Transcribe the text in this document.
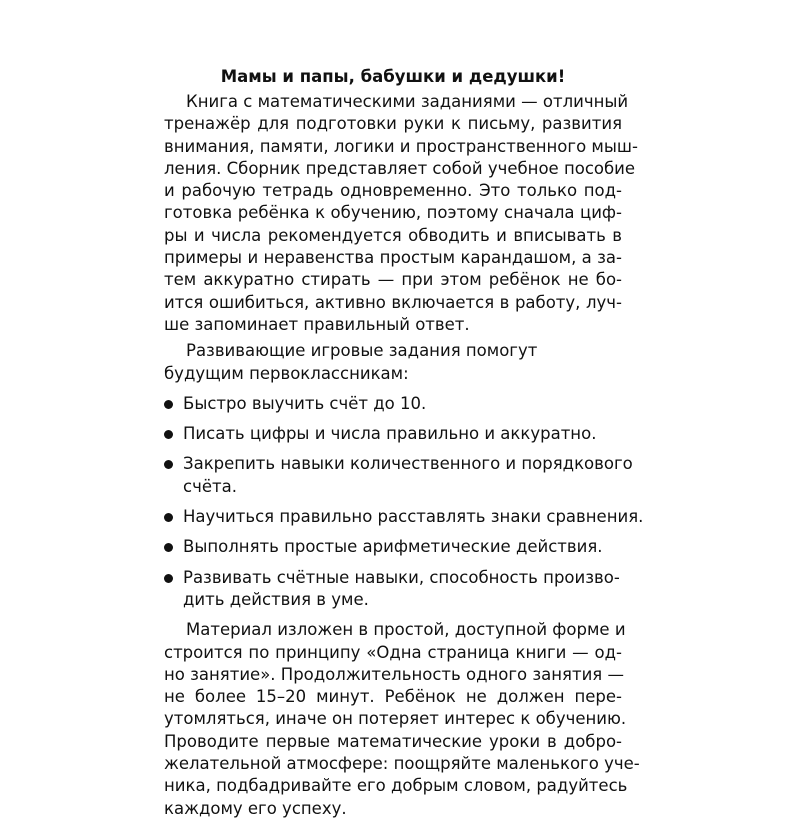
Мамы и папы, бабушки и дедушки!
Книга с математическими заданиями — отличный
тренажёр для подготовки руки к письму, развития
внимания, памяти, логики и пространственного мыш-
ления. Сборник представляет собой учебное пособие
и рабочую тетрадь одновременно. Это только под-
готовка ребёнка к обучению, поэтому сначала циф-
ры и числа рекомендуется обводить и вписывать в
примеры и неравенства простым карандашом, а за-
тем аккуратно стирать — при этом ребёнок не бо-
ится ошибиться, активно включается в работу, луч-
ше запоминает правильный ответ.
Развивающие игровые задания помогут
будущим первоклассникам:
Быстро выучить счёт до 10.
Писать цифры и числа правильно и аккуратно.
Закрепить навыки количественного и порядкового
счёта.
Научиться правильно расставлять знаки сравнения.
Выполнять простые арифметические действия.
Развивать счётные навыки, способность произво-
дить действия в уме.
Материал изложен в простой, доступной форме и
строится по принципу «Одна страница книги — од-
но занятие». Продолжительность одного занятия —
не более 15–20 минут. Ребёнок не должен пере-
утомляться, иначе он потеряет интерес к обучению.
Проводите первые математические уроки в добро-
желательной атмосфере: поощряйте маленького уче-
ника, подбадривайте его добрым словом, радуйтесь
каждому его успеху.
